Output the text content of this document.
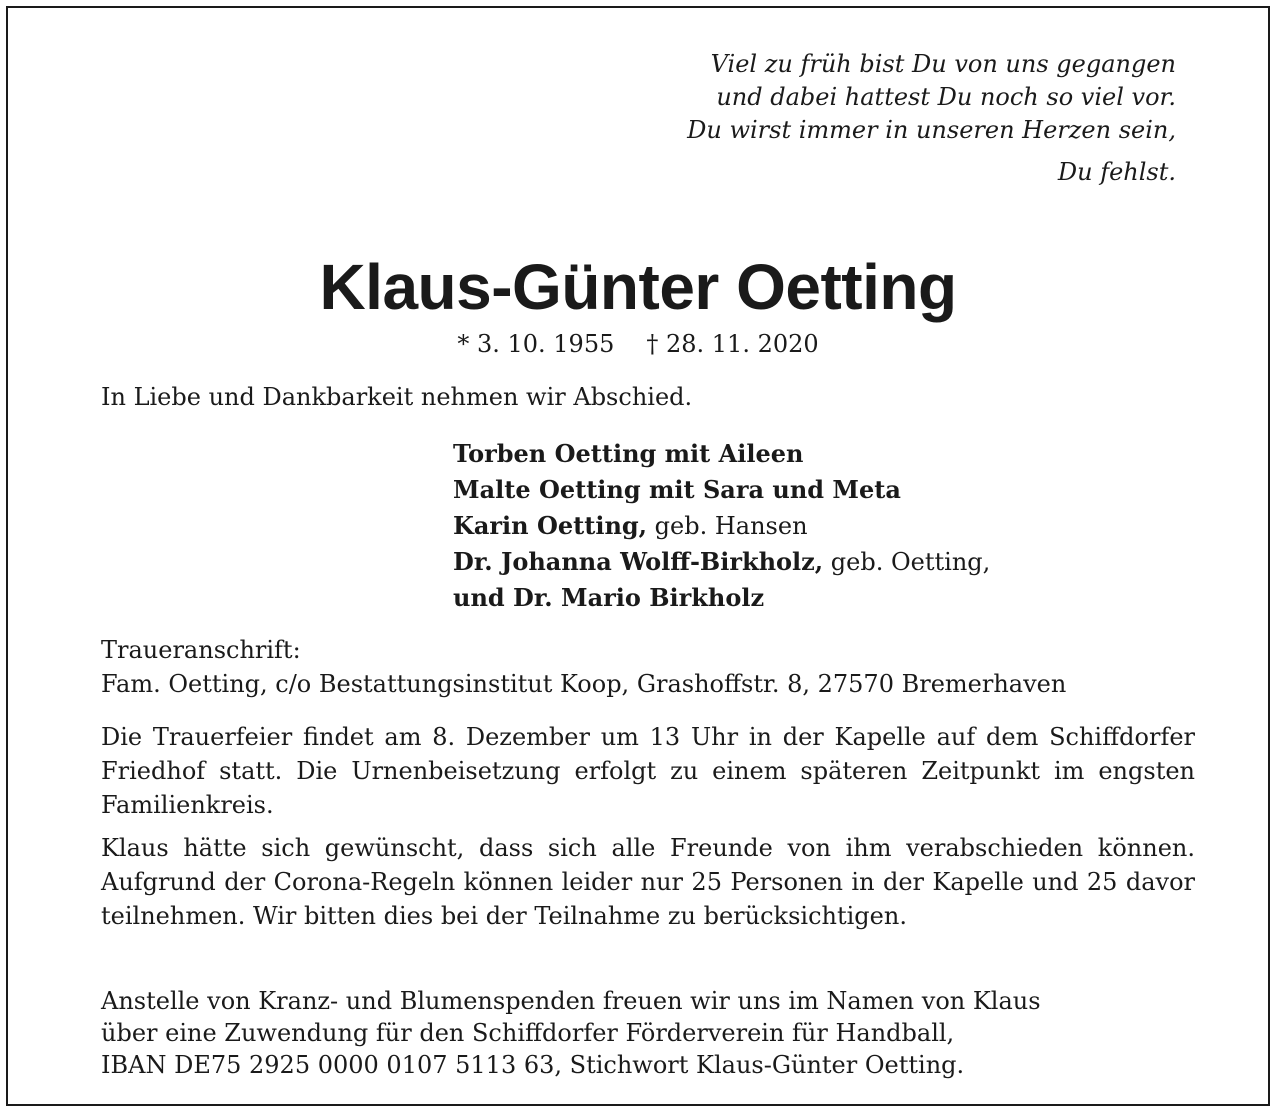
Viel zu früh bist Du von uns gegangen
und dabei hattest Du noch so viel vor.
Du wirst immer in unseren Herzen sein,
Du fehlst.
Klaus-Günter Oetting
* 3. 10. 1955 † 28. 11. 2020
In Liebe und Dankbarkeit nehmen wir Abschied.
Torben Oetting mit Aileen
Malte Oetting mit Sara und Meta
Karin Oetting, geb. Hansen
Dr. Johanna Wolff-Birkholz, geb. Oetting,
und Dr. Mario Birkholz
Traueranschrift:
Fam. Oetting, c/o Bestattungsinstitut Koop, Grashoffstr. 8, 27570 Bremerhaven
Die Trauerfeier findet am 8. Dezember um 13 Uhr in der Kapelle auf dem Schiffdorfer Friedhof statt. Die Urnenbeisetzung erfolgt zu einem späteren Zeitpunkt im engsten Familienkreis.
Klaus hätte sich gewünscht, dass sich alle Freunde von ihm verabschieden können. Aufgrund der Corona-Regeln können leider nur 25 Personen in der Kapelle und 25 davor teilnehmen. Wir bitten dies bei der Teilnahme zu berücksichtigen.
Anstelle von Kranz- und Blumenspenden freuen wir uns im Namen von Klaus
über eine Zuwendung für den Schiffdorfer Förderverein für Handball,
IBAN DE75 2925 0000 0107 5113 63, Stichwort Klaus-Günter Oetting.
